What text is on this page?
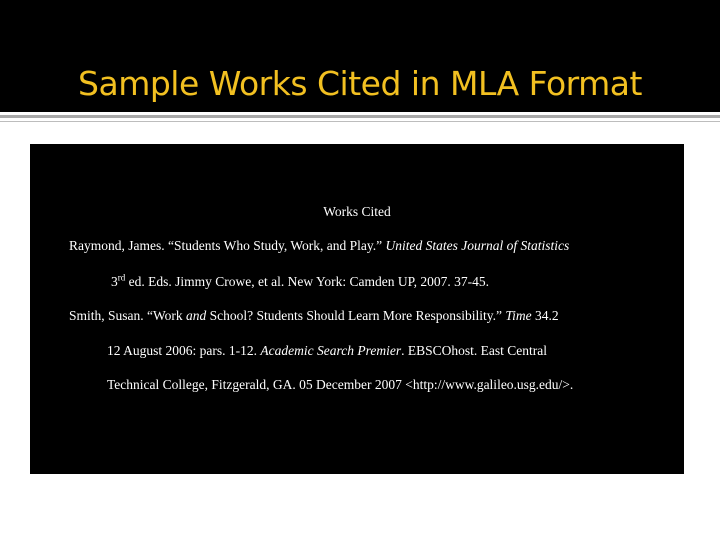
Sample Works Cited in MLA Format

Works Cited

Raymond, James. “Students Who Study, Work, and Play.” United States Journal of Statistics

3rd ed. Eds. Jimmy Crowe, et al. New York: Camden UP, 2007. 37-45.

Smith, Susan. “Work and School? Students Should Learn More Responsibility.” Time 34.2

12 August 2006: pars. 1-12. Academic Search Premier. EBSCOhost. East Central

Technical College, Fitzgerald, GA. 05 December 2007 <http://www.galileo.usg.edu/>.
